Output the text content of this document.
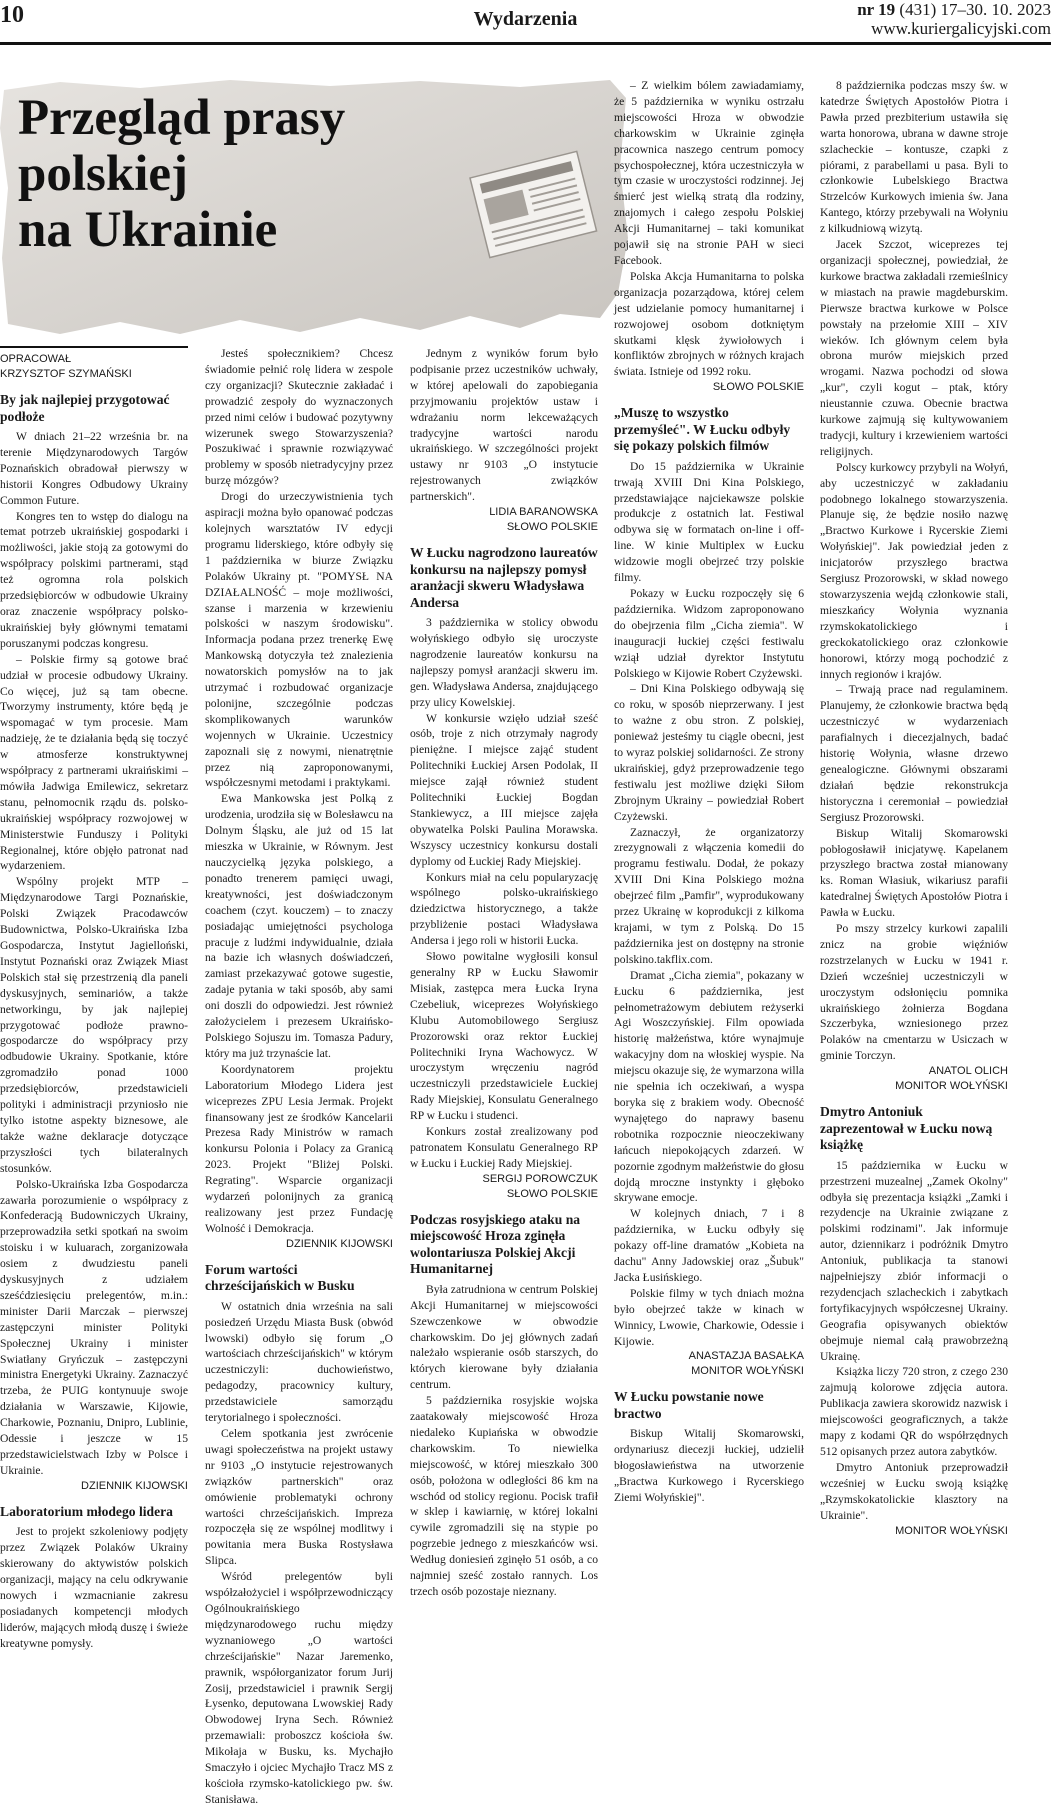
10	Wydarzenia	nr 19 (431) 17–30. 10. 2023
www.kuriergalicyjski.com
Przegląd prasy
polskiej
na Ukrainie
OPRACOWAŁ
KRZYSZTOF SZYMAŃSKI
By jak najlepiej przygotować podłoże

W dniach 21–22 września br. na terenie Międzynarodowych Targów Poznańskich obradował pierwszy w historii Kongres Odbudowy Ukrainy Common Future.

Kongres ten to wstęp do dialogu na temat potrzeb ukraińskiej gospodarki i możliwości, jakie stoją za gotowymi do współpracy polskimi partnerami, stąd też ogromna rola polskich przedsiębiorców w odbudowie Ukrainy oraz znaczenie współpracy polsko-ukraińskiej były głównymi tematami poruszanymi podczas kongresu.

– Polskie firmy są gotowe brać udział w procesie odbudowy Ukrainy. Co więcej, już są tam obecne. Tworzymy instrumenty, które będą je wspomagać w tym procesie. Mam nadzieję, że te działania będą się toczyć w atmosferze konstruktywnej współpracy z partnerami ukraińskimi – mówiła Jadwiga Emilewicz, sekretarz stanu, pełnomocnik rządu ds. polsko-ukraińskiej współpracy rozwojowej w Ministerstwie Funduszy i Polityki Regionalnej, które objęło patronat nad wydarzeniem.

Wspólny projekt MTP – Międzynarodowe Targi Poznańskie, Polski Związek Pracodawców Budownictwa, Polsko-Ukraińska Izba Gospodarcza, Instytut Jagielloński, Instytut Poznański oraz Związek Miast Polskich stał się przestrzenią dla paneli dyskusyjnych, seminariów, a także networkingu, by jak najlepiej przygotować podłoże prawno-gospodarcze do współpracy przy odbudowie Ukrainy. Spotkanie, które zgromadziło ponad 1000 przedsiębiorców, przedstawicieli polityki i administracji przyniosło nie tylko istotne aspekty biznesowe, ale także ważne deklaracje dotyczące przyszłości tych bilateralnych stosunków.

Polsko-Ukraińska Izba Gospodarcza zawarła porozumienie o współpracy z Konfederacją Budowniczych Ukrainy, przeprowadziła setki spotkań na swoim stoisku i w kuluarach, zorganizowała osiem z dwudziestu paneli dyskusyjnych z udziałem sześćdziesięciu prelegentów, m.in.: minister Darii Marczak – pierwszej zastępczyni minister Polityki Społecznej Ukrainy i minister Swiatłany Gryńczuk – zastępczyni ministra Energetyki Ukrainy. Zaznaczyć trzeba, że PUIG kontynuuje swoje działania w Warszawie, Kijowie, Charkowie, Poznaniu, Dnipro, Lublinie, Odessie i jeszcze w 15 przedstawicielstwach Izby w Polsce i Ukrainie.

DZIENNIK KIJOWSKI

Laboratorium młodego lidera

Jest to projekt szkoleniowy podjęty przez Związek Polaków Ukrainy skierowany do aktywistów polskich organizacji, mający na celu odkrywanie nowych i wzmacnianie zakresu posiadanych kompetencji młodych liderów, mających młodą duszę i świeże kreatywne pomysły.

Jesteś społecznikiem? Chcesz świadomie pełnić rolę lidera w zespole czy organizacji? Skutecznie zakładać i prowadzić zespoły do wyznaczonych przed nimi celów i budować pozytywny wizerunek swego Stowarzyszenia? Poszukiwać i sprawnie rozwiązywać problemy w sposób nietradycyjny przez burzę mózgów?

Drogi do urzeczywistnienia tych aspiracji można było opanować podczas kolejnych warsztatów IV edycji programu liderskiego, które odbyły się 1 października w biurze Związku Polaków Ukrainy pt. "POMYSŁ NA DZIAŁALNOŚĆ – moje możliwości, szanse i marzenia w krzewieniu polskości w naszym środowisku". Informacja podana przez trenerkę Ewę Mankowską dotyczyła też znalezienia nowatorskich pomysłów na to jak utrzymać i rozbudować organizacje polonijne, szczególnie podczas skomplikowanych warunków wojennych w Ukrainie. Uczestnicy zapoznali się z nowymi, nienatrętnie przez nią zaproponowanymi, współczesnymi metodami i praktykami.

Ewa Mankowska jest Polką z urodzenia, urodziła się w Bolesławcu na Dolnym Śląsku, ale już od 15 lat mieszka w Ukrainie, w Równym. Jest nauczycielką języka polskiego, a ponadto trenerem pamięci uwagi, kreatywności, jest doświadczonym coachem (czyt. kouczem) – to znaczy posiadając umiejętności psychologa pracuje z ludźmi indywidualnie, działa na bazie ich własnych doświadczeń, zamiast przekazywać gotowe sugestie, zadaje pytania w taki sposób, aby sami oni doszli do odpowiedzi. Jest również założycielem i prezesem Ukraińsko-Polskiego Sojuszu im. Tomasza Padury, który ma już trzynaście lat.

Koordynatorem projektu Laboratorium Młodego Lidera jest wiceprezes ZPU Lesia Jermak. Projekt finansowany jest ze środków Kancelarii Prezesa Rady Ministrów w ramach konkursu Polonia i Polacy za Granicą 2023. Projekt "Bliżej Polski. Regrating". Wsparcie organizacji wydarzeń polonijnych za granicą realizowany jest przez Fundację Wolność i Demokracja.

DZIENNIK KIJOWSKI

Forum wartości chrześcijańskich w Busku

W ostatnich dnia września na sali posiedzeń Urzędu Miasta Busk (obwód lwowski) odbyło się forum „O wartościach chrześcijańskich" w którym uczestniczyli: duchowieństwo, pedagodzy, pracownicy kultury, przedstawiciele samorządu terytorialnego i społeczności.

Celem spotkania jest zwrócenie uwagi społeczeństwa na projekt ustawy nr 9103 „O instytucie rejestrowanych związków partnerskich" oraz omówienie problematyki ochrony wartości chrześcijańskich. Impreza rozpoczęła się ze wspólnej modlitwy i powitania mera Buska Rostysława Slipca.

Wśród prelegentów byli współzałożyciel i współprzewodniczący Ogólnoukraińskiego międzynarodowego ruchu między wyznaniowego „O wartości chrześcijańskie" Nazar Jaremenko, prawnik, współorganizator forum Jurij Zosij, przedstawiciel i prawnik Sergij Łysenko, deputowana Lwowskiej Rady Obwodowej Iryna Sech. Również przemawiali: proboszcz kościoła św. Mikołaja w Busku, ks. Mychajło Smaczyło i ojciec Mychajło Tracz MS z kościoła rzymsko-katolickiego pw. św. Stanisława.

Jednym z wyników forum było podpisanie przez uczestników uchwały, w której apelowali do zapobiegania przyjmowaniu projektów ustaw i wdrażaniu norm lekceważących tradycyjne wartości narodu ukraińskiego. W szczególności projekt ustawy nr 9103 „O instytucie rejestrowanych związków partnerskich".

LIDIA BARANOWSKA

SŁOWO POLSKIE

W Łucku nagrodzono laureatów konkursu na najlepszy pomysł aranżacji skweru Władysława Andersa

3 października w stolicy obwodu wołyńskiego odbyło się uroczyste nagrodzenie laureatów konkursu na najlepszy pomysł aranżacji skweru im. gen. Władysława Andersa, znajdującego przy ulicy Kowelskiej.

W konkursie wzięło udział sześć osób, troje z nich otrzymały nagrody pieniężne. I miejsce zająć student Politechniki Łuckiej Arsen Podolak, II miejsce zajął również student Politechniki Łuckiej Bogdan Stankiewycz, a III miejsce zajęła obywatelka Polski Paulina Morawska. Wszyscy uczestnicy konkursu dostali dyplomy od Łuckiej Rady Miejskiej.

Konkurs miał na celu popularyzację wspólnego polsko-ukraińskiego dziedzictwa historycznego, a także przybliżenie postaci Władysława Andersa i jego roli w historii Łucka.

Słowo powitalne wygłosili konsul generalny RP w Łucku Sławomir Misiak, zastępca mera Łucka Iryna Czebeliuk, wiceprezes Wołyńskiego Klubu Automobilowego Sergiusz Prozorowski oraz rektor Łuckiej Politechniki Iryna Wachowycz. W uroczystym wręczeniu nagród uczestniczyli przedstawiciele Łuckiej Rady Miejskiej, Konsulatu Generalnego RP w Łucku i studenci.

Konkurs został zrealizowany pod patronatem Konsulatu Generalnego RP w Łucku i Łuckiej Rady Miejskiej.

SERGIJ POROWCZUK

SŁOWO POLSKIE

Podczas rosyjskiego ataku na miejscowość Hroza zginęła wolontariusza Polskiej Akcji Humanitarnej

Była zatrudniona w centrum Polskiej Akcji Humanitarnej w miejscowości Szewczenkowe w obwodzie charkowskim. Do jej głównych zadań należało wspieranie osób starszych, do których kierowane były działania centrum.

5 października rosyjskie wojska zaatakowały miejscowość Hroza niedaleko Kupiańska w obwodzie charkowskim. To niewielka miejscowość, w której mieszkało 300 osób, położona w odległości 86 km na wschód od stolicy regionu. Pocisk trafił w sklep i kawiarnię, w której lokalni cywile zgromadzili się na stypie po pogrzebie jednego z mieszkańców wsi. Według doniesień zginęło 51 osób, a co najmniej sześć zostało rannych. Los trzech osób pozostaje nieznany.

– Z wielkim bólem zawiadamiamy, że 5 października w wyniku ostrzału miejscowości Hroza w obwodzie charkowskim w Ukrainie zginęła pracownica naszego centrum pomocy psychospołecznej, która uczestniczyła w tym czasie w uroczystości rodzinnej. Jej śmierć jest wielką stratą dla rodziny, znajomych i całego zespołu Polskiej Akcji Humanitarnej – taki komunikat pojawił się na stronie PAH w sieci Facebook.

Polska Akcja Humanitarna to polska organizacja pozarządowa, której celem jest udzielanie pomocy humanitarnej i rozwojowej osobom dotkniętym skutkami klęsk żywiołowych i konfliktów zbrojnych w różnych krajach świata. Istnieje od 1992 roku.

SŁOWO POLSKIE

„Muszę to wszystko przemyśleć". W Łucku odbyły się pokazy polskich filmów

Do 15 października w Ukrainie trwają XVIII Dni Kina Polskiego, przedstawiające najciekawsze polskie produkcje z ostatnich lat. Festiwal odbywa się w formatach on-line i off-line. W kinie Multiplex w Łucku widzowie mogli obejrzeć trzy polskie filmy.

Pokazy w Łucku rozpoczęły się 6 października. Widzom zaproponowano do obejrzenia film „Cicha ziemia". W inauguracji łuckiej części festiwalu wziął udział dyrektor Instytutu Polskiego w Kijowie Robert Czyżewski.

– Dni Kina Polskiego odbywają się co roku, w sposób nieprzerwany. I jest to ważne z obu stron. Z polskiej, ponieważ jesteśmy tu ciągle obecni, jest to wyraz polskiej solidarności. Ze strony ukraińskiej, gdyż przeprowadzenie tego festiwalu jest możliwe dzięki Siłom Zbrojnym Ukrainy – powiedział Robert Czyżewski.

Zaznaczył, że organizatorzy zrezygnowali z włączenia komedii do programu festiwalu. Dodał, że pokazy XVIII Dni Kina Polskiego można obejrzeć film „Pamfir", wyprodukowany przez Ukrainę w koprodukcji z kilkoma krajami, w tym z Polską. Do 15 października jest on dostępny na stronie polskino.takflix.com.

Dramat „Cicha ziemia", pokazany w Łucku 6 października, jest pełnometrażowym debiutem reżyserki Agi Woszczyńskiej. Film opowiada historię małżeństwa, które wynajmuje wakacyjny dom na włoskiej wyspie. Na miejscu okazuje się, że wymarzona willa nie spełnia ich oczekiwań, a wyspa boryka się z brakiem wody. Obecność wynajętego do naprawy basenu robotnika rozpocznie nieoczekiwany łańcuch niepokojących zdarzeń. W pozornie zgodnym małżeństwie do głosu dojdą mroczne instynkty i głęboko skrywane emocje.

W kolejnych dniach, 7 i 8 października, w Łucku odbyły się pokazy off-line dramatów „Kobieta na dachu" Anny Jadowskiej oraz „Šubuk" Jacka Łusińskiego.

Polskie filmy w tych dniach można było obejrzeć także w kinach w Winnicy, Lwowie, Charkowie, Odessie i Kijowie.

ANASTAZJA BASAŁKA

MONITOR WOŁYŃSKI

W Łucku powstanie nowe bractwo

Biskup Witalij Skomarowski, ordynariusz diecezji łuckiej, udzielił błogosławieństwa na utworzenie „Bractwa Kurkowego i Rycerskiego Ziemi Wołyńskiej".

8 października podczas mszy św. w katedrze Świętych Apostołów Piotra i Pawła przed prezbiterium ustawiła się warta honorowa, ubrana w dawne stroje szlacheckie – kontusze, czapki z piórami, z parabellami u pasa. Byli to członkowie Lubelskiego Bractwa Strzelców Kurkowych imienia św. Jana Kantego, którzy przebywali na Wołyniu z kilkudniową wizytą.

Jacek Szczot, wiceprezes tej organizacji społecznej, powiedział, że kurkowe bractwa zakładali rzemieślnicy w miastach na prawie magdeburskim. Pierwsze bractwa kurkowe w Polsce powstały na przełomie XIII – XIV wieków. Ich głównym celem była obrona murów miejskich przed wrogami. Nazwa pochodzi od słowa „kur", czyli kogut – ptak, który nieustannie czuwa. Obecnie bractwa kurkowe zajmują się kultywowaniem tradycji, kultury i krzewieniem wartości religijnych.

Polscy kurkowcy przybyli na Wołyń, aby uczestniczyć w zakładaniu podobnego lokalnego stowarzyszenia. Planuje się, że będzie nosiło nazwę „Bractwo Kurkowe i Rycerskie Ziemi Wołyńskiej". Jak powiedział jeden z inicjatorów przyszłego bractwa Sergiusz Prozorowski, w skład nowego stowarzyszenia wejdą członkowie stali, mieszkańcy Wołynia wyznania rzymskokatolickiego i greckokatolickiego oraz członkowie honorowi, którzy mogą pochodzić z innych regionów i krajów.

– Trwają prace nad regulaminem. Planujemy, że członkowie bractwa będą uczestniczyć w wydarzeniach parafialnych i diecezjalnych, badać historię Wołynia, własne drzewo genealogiczne. Głównymi obszarami działań będzie rekonstrukcja historyczna i ceremoniał – powiedział Sergiusz Prozorowski.

Biskup Witalij Skomarowski pobłogosławił inicjatywę. Kapelanem przyszłego bractwa został mianowany ks. Roman Własiuk, wikariusz parafii katedralnej Świętych Apostołów Piotra i Pawła w Łucku.

Po mszy strzelcy kurkowi zapalili znicz na grobie więźniów rozstrzelanych w Łucku w 1941 r. Dzień wcześniej uczestniczyli w uroczystym odsłonięciu pomnika ukraińskiego żołnierza Bogdana Szczerbyka, wzniesionego przez Polaków na cmentarzu w Usiczach w gminie Torczyn.

ANATOL OLICH

MONITOR WOŁYŃSKI

Dmytro Antoniuk zaprezentował w Łucku nową książkę

15 października w Łucku w przestrzeni muzealnej „Zamek Okolny" odbyła się prezentacja książki „Zamki i rezydencje na Ukrainie związane z polskimi rodzinami". Jak informuje autor, dziennikarz i podróżnik Dmytro Antoniuk, publikacja ta stanowi najpełniejszy zbiór informacji o rezydencjach szlacheckich i zabytkach fortyfikacyjnych współczesnej Ukrainy. Geografia opisywanych obiektów obejmuje niemal całą prawobrzeżną Ukrainę.

Książka liczy 720 stron, z czego 230 zajmują kolorowe zdjęcia autora. Publikacja zawiera skorowidz nazwisk i miejscowości geograficznych, a także mapy z kodami QR do współrzędnych 512 opisanych przez autora zabytków.

Dmytro Antoniuk przeprowadził wcześniej w Łucku swoją książkę „Rzymskokatolickie klasztory na Ukrainie".

MONITOR WOŁYŃSKI
